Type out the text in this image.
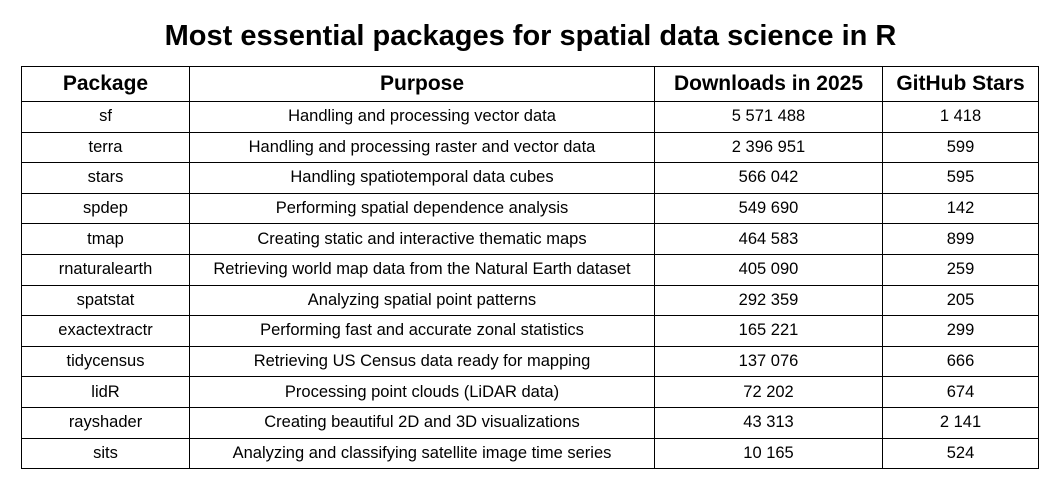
Most essential packages for spatial data science in R
Package	Purpose	Downloads in 2025	GitHub Stars
sf	Handling and processing vector data	5 571 488	1 418
terra	Handling and processing raster and vector data	2 396 951	599
stars	Handling spatiotemporal data cubes	566 042	595
spdep	Performing spatial dependence analysis	549 690	142
tmap	Creating static and interactive thematic maps	464 583	899
rnaturalearth	Retrieving world map data from the Natural Earth dataset	405 090	259
spatstat	Analyzing spatial point patterns	292 359	205
exactextractr	Performing fast and accurate zonal statistics	165 221	299
tidycensus	Retrieving US Census data ready for mapping	137 076	666
lidR	Processing point clouds (LiDAR data)	72 202	674
rayshader	Creating beautiful 2D and 3D visualizations	43 313	2 141
sits	Analyzing and classifying satellite image time series	10 165	524
